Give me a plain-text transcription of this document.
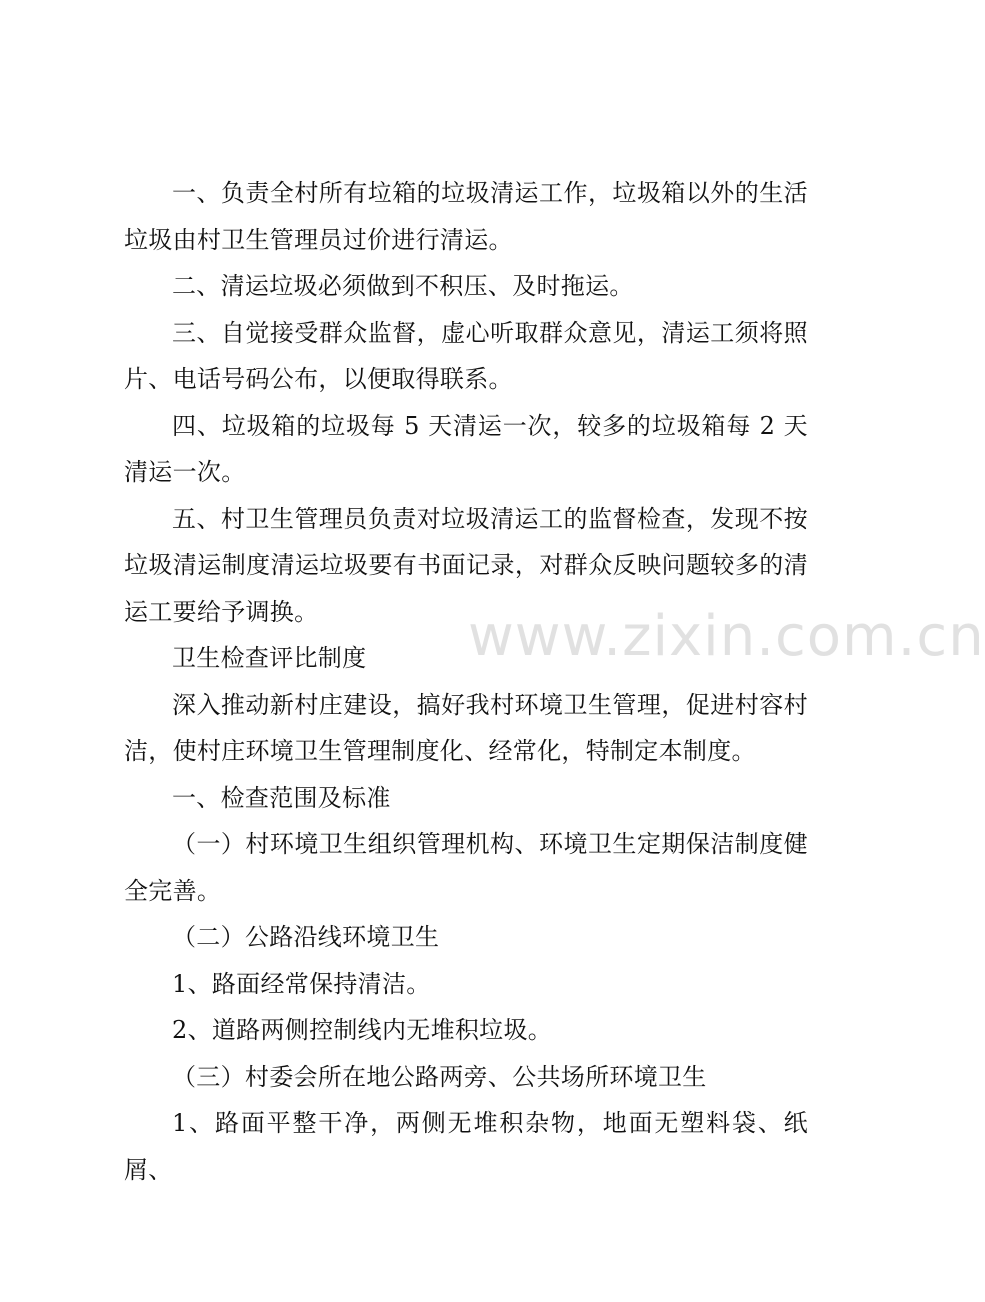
一、负责全村所有垃箱的垃圾清运工作，垃圾箱以外的生活垃圾由村卫生管理员过价进行清运。

二、清运垃圾必须做到不积压、及时拖运。

三、自觉接受群众监督，虚心听取群众意见，清运工须将照片、电话号码公布，以便取得联系。

四、垃圾箱的垃圾每 5 天清运一次，较多的垃圾箱每 2 天清运一次。

五、村卫生管理员负责对垃圾清运工的监督检查，发现不按垃圾清运制度清运垃圾要有书面记录，对群众反映问题较多的清运工要给予调换。

卫生检查评比制度

深入推动新村庄建设，搞好我村环境卫生管理，促进村容村洁，使村庄环境卫生管理制度化、经常化，特制定本制度。

一、检查范围及标准

（一）村环境卫生组织管理机构、环境卫生定期保洁制度健全完善。

（二）公路沿线环境卫生

1、路面经常保持清洁。

2、道路两侧控制线内无堆积垃圾。

（三）村委会所在地公路两旁、公共场所环境卫生

1、路面平整干净，两侧无堆积杂物，地面无塑料袋、纸屑、

www.zixin.com.cn
